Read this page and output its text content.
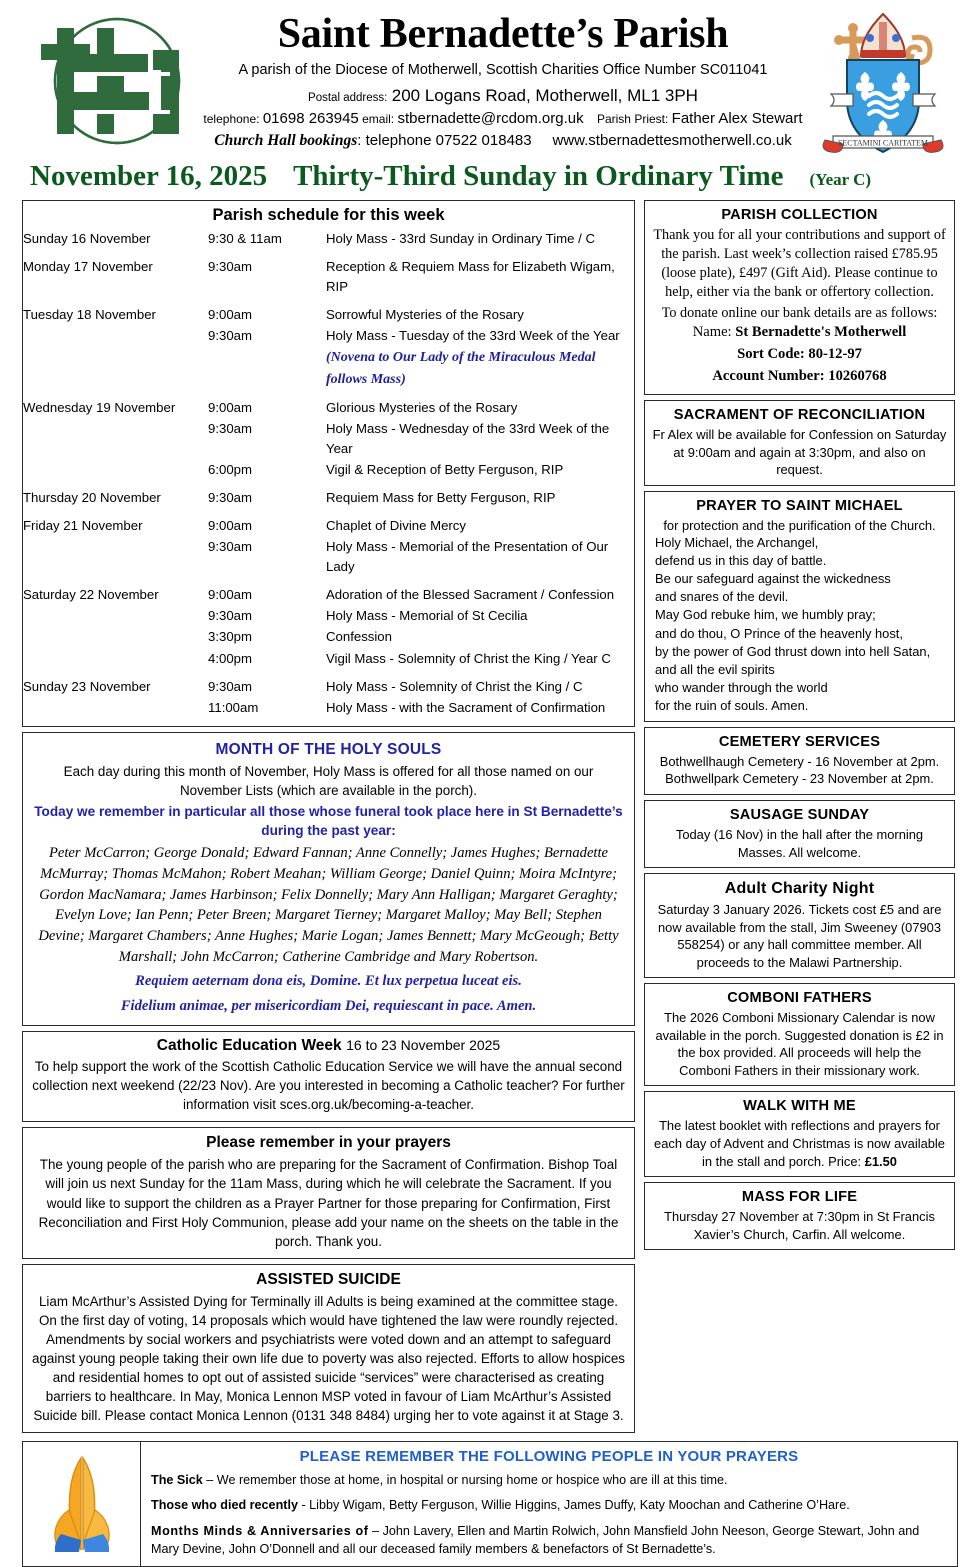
Saint Bernadette’s Parish
A parish of the Diocese of Motherwell, Scottish Charities Office Number SC011041
Postal address: 200 Logans Road, Motherwell, ML1 3PH
telephone: 01698 263945 email: stbernadette@rcdom.org.uk Parish Priest: Father Alex Stewart
Church Hall bookings: telephone 07522 018483 www.stbernadettesmotherwell.co.uk	SECTAMINI CARITATEM
November 16, 2025 Thirty-Third Sunday in Ordinary Time (Year C)
Parish schedule for this week
Sunday 16 November	9:30 & 11am	Holy Mass - 33rd Sunday in Ordinary Time / C
Monday 17 November	9:30am	Reception & Requiem Mass for Elizabeth Wigam, RIP
Tuesday 18 November	9:00am	Sorrowful Mysteries of the Rosary
	9:30am	Holy Mass - Tuesday of the 33rd Week of the Year
		(Novena to Our Lady of the Miraculous Medal follows Mass)
Wednesday 19 November	9:00am	Glorious Mysteries of the Rosary
	9:30am	Holy Mass - Wednesday of the 33rd Week of the Year
	6:00pm	Vigil & Reception of Betty Ferguson, RIP
Thursday 20 November	9:30am	Requiem Mass for Betty Ferguson, RIP
Friday 21 November	9:00am	Chaplet of Divine Mercy
	9:30am	Holy Mass - Memorial of the Presentation of Our Lady
Saturday 22 November	9:00am	Adoration of the Blessed Sacrament / Confession
	9:30am	Holy Mass - Memorial of St Cecilia
	3:30pm	Confession
	4:00pm	Vigil Mass - Solemnity of Christ the King / Year C
Sunday 23 November	9:30am	Holy Mass - Solemnity of Christ the King / C
	11:00am	Holy Mass - with the Sacrament of Confirmation
MONTH OF THE HOLY SOULS
Each day during this month of November, Holy Mass is offered for all those named on our November Lists (which are available in the porch).
Today we remember in particular all those whose funeral took place here in St Bernadette’s during the past year:
Peter McCarron; George Donald; Edward Fannan; Anne Connelly; James Hughes; Bernadette McMurray; Thomas McMahon; Robert Meahan; William George; Daniel Quinn; Moira McIntyre; Gordon MacNamara; James Harbinson; Felix Donnelly; Mary Ann Halligan; Margaret Geraghty; Evelyn Love; Ian Penn; Peter Breen; Margaret Tierney; Margaret Malloy; May Bell; Stephen Devine; Margaret Chambers; Anne Hughes; Marie Logan; James Bennett; Mary McGeough; Betty Marshall; John McCarron; Catherine Cambridge and Mary Robertson.
Requiem aeternam dona eis, Domine. Et lux perpetua luceat eis.
Fidelium animae, per misericordiam Dei, requiescant in pace. Amen.
Catholic Education Week 16 to 23 November 2025

To help support the work of the Scottish Catholic Education Service we will have the annual second collection next weekend (22/23 Nov). Are you interested in becoming a Catholic teacher? For further information visit sces.org.uk/becoming-a-teacher.

Please remember in your prayers

The young people of the parish who are preparing for the Sacrament of Confirmation. Bishop Toal will join us next Sunday for the 11am Mass, during which he will celebrate the Sacrament. If you would like to support the children as a Prayer Partner for those preparing for Confirmation, First Reconciliation and First Holy Communion, please add your name on the sheets on the table in the porch. Thank you.

ASSISTED SUICIDE

Liam McArthur’s Assisted Dying for Terminally ill Adults is being examined at the committee stage. On the first day of voting, 14 proposals which would have tightened the law were roundly rejected. Amendments by social workers and psychiatrists were voted down and an attempt to safeguard against young people taking their own life due to poverty was also rejected. Efforts to allow hospices and residential homes to opt out of assisted suicide “services” were characterised as creating barriers to healthcare. In May, Monica Lennon MSP voted in favour of Liam McArthur’s Assisted Suicide bill. Please contact Monica Lennon (0131 348 8484) urging her to vote against it at Stage 3.

PARISH COLLECTION

Thank you for all your contributions and support of the parish. Last week’s collection raised £785.95 (loose plate), £497 (Gift Aid). Please continue to help, either via the bank or offertory collection.

To donate online our bank details are as follows:

Name: St Bernadette's Motherwell
Sort Code: 80-12-97
Account Number: 10260768
SACRAMENT OF RECONCILIATION

Fr Alex will be available for Confession on Saturday at 9:00am and again at 3:30pm, and also on request.

PRAYER TO SAINT MICHAEL

for protection and the purification of the Church.

Holy Michael, the Archangel,
defend us in this day of battle.
Be our safeguard against the wickedness
and snares of the devil.
May God rebuke him, we humbly pray;
and do thou, O Prince of the heavenly host,
by the power of God thrust down into hell Satan,
and all the evil spirits
who wander through the world
for the ruin of souls. Amen.
CEMETERY SERVICES

Bothwellhaugh Cemetery - 16 November at 2pm.

Bothwellpark Cemetery - 23 November at 2pm.

SAUSAGE SUNDAY

Today (16 Nov) in the hall after the morning Masses. All welcome.

Adult Charity Night

Saturday 3 January 2026. Tickets cost £5 and are now available from the stall, Jim Sweeney (07903 558254) or any hall committee member. All proceeds to the Malawi Partnership.

COMBONI FATHERS

The 2026 Comboni Missionary Calendar is now available in the porch. Suggested donation is £2 in the box provided. All proceeds will help the Comboni Fathers in their missionary work.

WALK WITH ME

The latest booklet with reflections and prayers for each day of Advent and Christmas is now available in the stall and porch. Price: £1.50

MASS FOR LIFE

Thursday 27 November at 7:30pm in St Francis Xavier’s Church, Carfin. All welcome.

PLEASE REMEMBER THE FOLLOWING PEOPLE IN YOUR PRAYERS

The Sick – We remember those at home, in hospital or nursing home or hospice who are ill at this time.

Those who died recently - Libby Wigam, Betty Ferguson, Willie Higgins, James Duffy, Katy Moochan and Catherine O’Hare.

Months Minds & Anniversaries of – John Lavery, Ellen and Martin Rolwich, John Mansfield John Neeson, George Stewart, John and Mary Devine, John O’Donnell and all our deceased family members & benefactors of St Bernadette’s.
